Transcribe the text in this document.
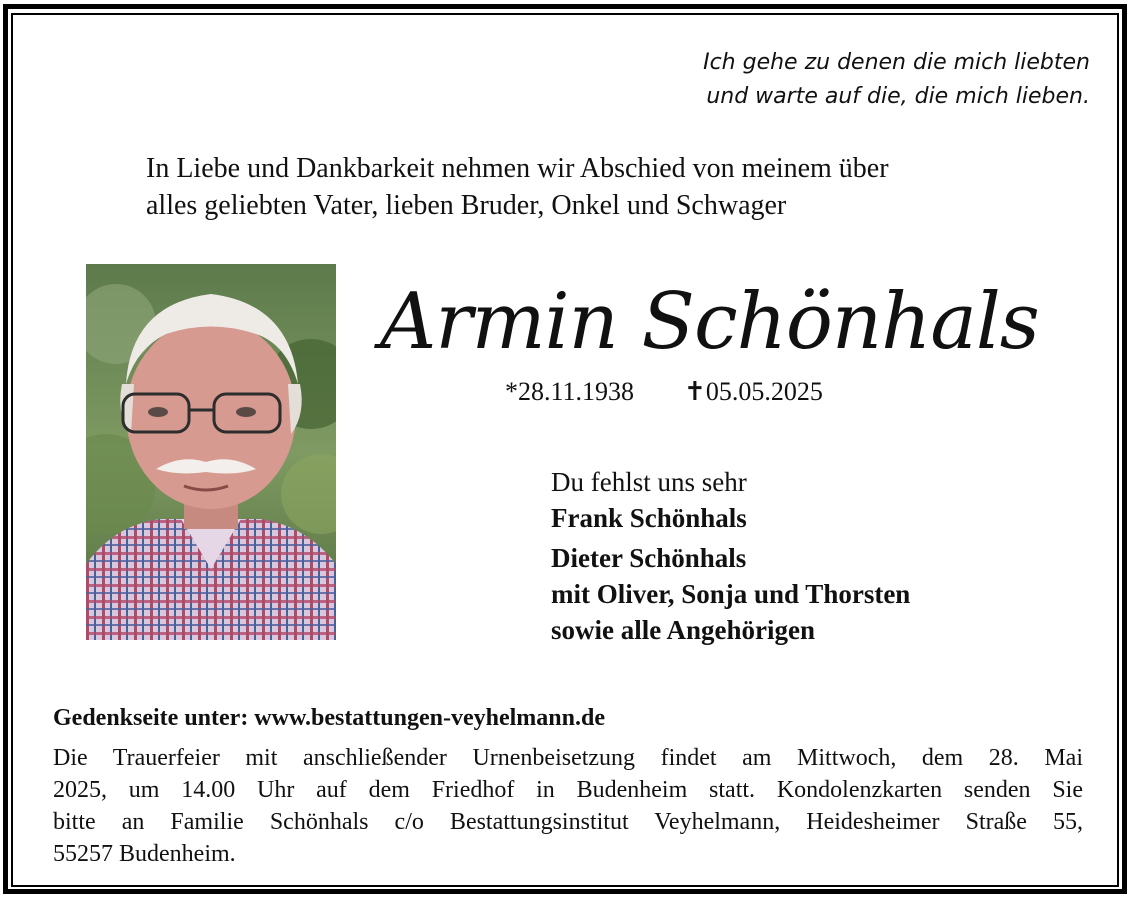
Ich gehe zu denen die mich liebten
und warte auf die, die mich lieben.
In Liebe und Dankbarkeit nehmen wir Abschied von meinem über
alles geliebten Vater, lieben Bruder, Onkel und Schwager
Armin Schönhals
*28.11.1938 ✝05.05.2025
Du fehlst uns sehr
Frank Schönhals
Dieter Schönhals
mit Oliver, Sonja und Thorsten
sowie alle Angehörigen
Gedenkseite unter: www.bestattungen-veyhelmann.de
Die Trauerfeier mit anschließender Urnenbeisetzung findet am Mittwoch, dem 28. Mai
2025, um 14.00 Uhr auf dem Friedhof in Budenheim statt. Kondolenzkarten senden Sie
bitte an Familie Schönhals c/o Bestattungsinstitut Veyhelmann, Heidesheimer Straße 55,
55257 Budenheim.
